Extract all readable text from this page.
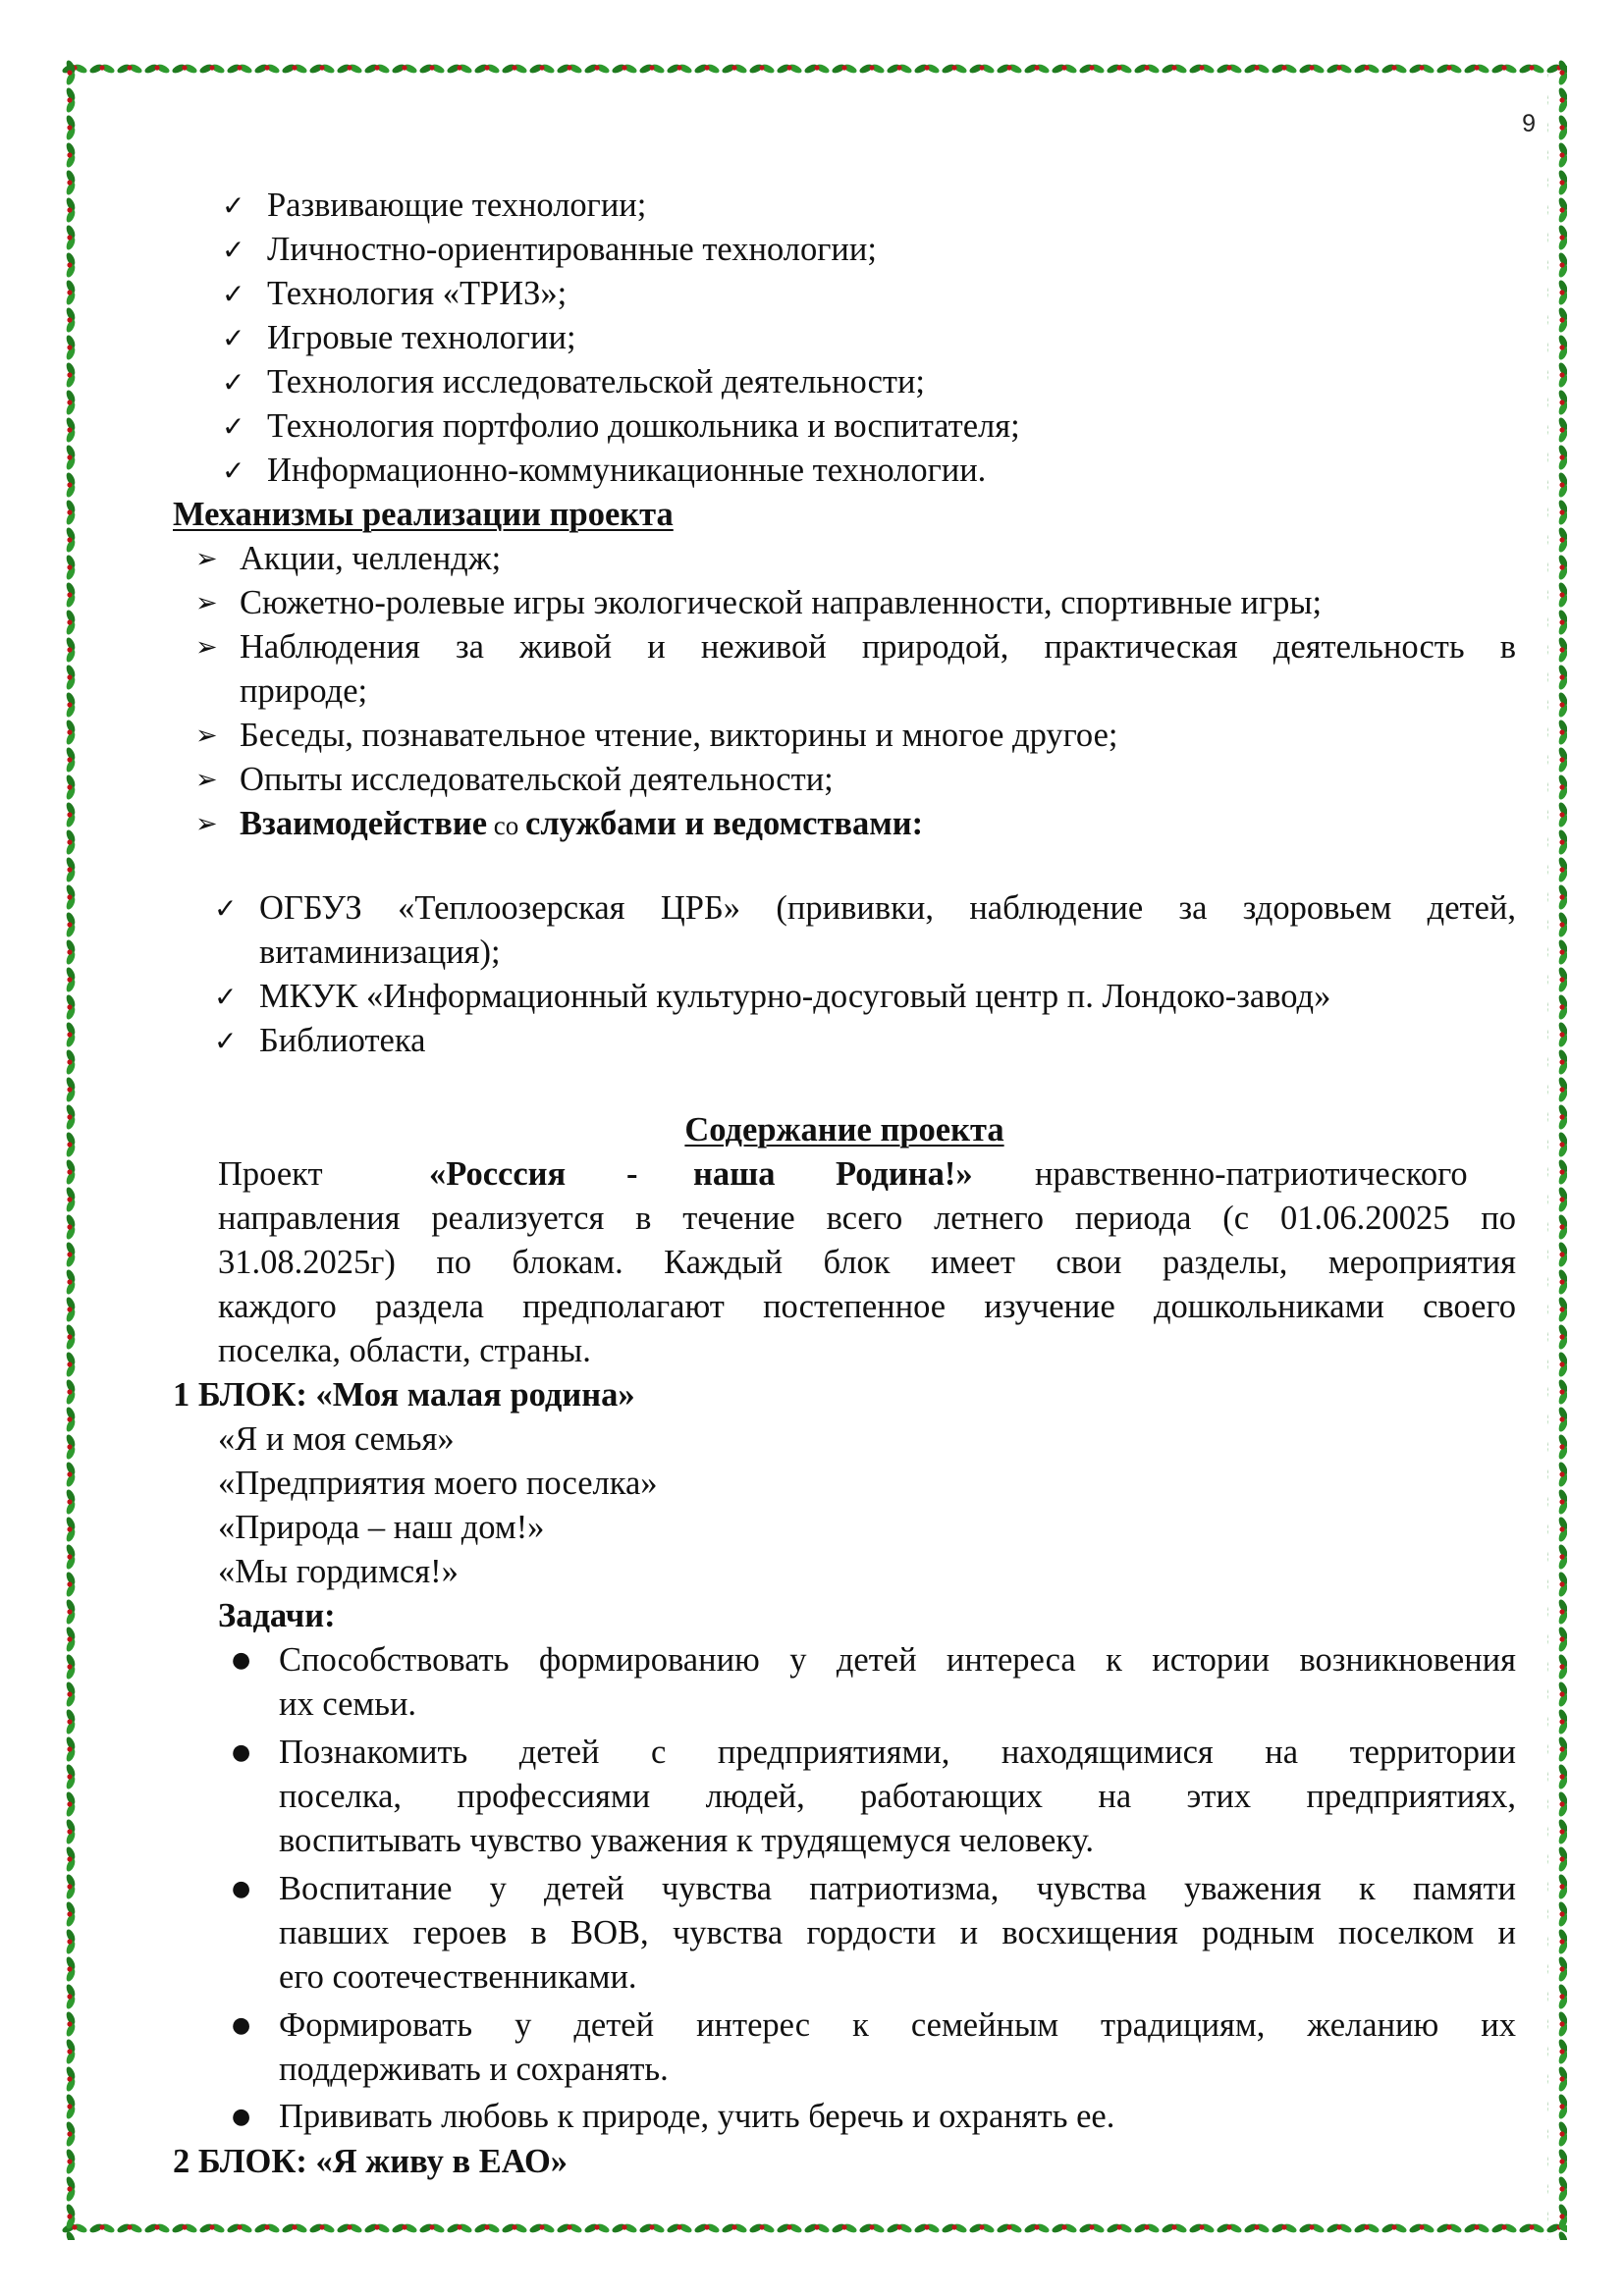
9
✓ Развивающие технологии;
✓ Личностно-ориентированные технологии;
✓ Технология «ТРИЗ»;
✓ Игровые технологии;
✓ Технология исследовательской деятельности;
✓ Технология портфолио дошкольника и воспитателя;
✓ Информационно-коммуникационные технологии.
Механизмы реализации проекта
➢ Акции, челлендж;
➢ Сюжетно-ролевые игры экологической направленности, спортивные игры;
➢ Наблюдения за живой и неживой природой, практическая деятельность в
природе;
➢ Беседы, познавательное чтение, викторины и многое другое;
➢ Опыты исследовательской деятельности;
➢ Взаимодействие со службами и ведомствами:
✓ ОГБУЗ «Теплоозерская ЦРБ» (прививки, наблюдение за здоровьем детей,
витаминизация);
✓ МКУК «Информационный культурно-досуговый центр п. Лондоко-завод»
✓ Библиотека
Содержание проекта
Проект	«Росссия - наша Родина!» нравственно-патриотического
направления реализуется в течение всего летнего периода (с 01.06.20025 по
31.08.2025г) по блокам. Каждый блок имеет свои разделы, мероприятия
каждого раздела предполагают постепенное изучение дошкольниками своего
поселка, области, страны.
1 БЛОК: «Моя малая родина»
«Я и моя семья»
«Предприятия моего поселка»
«Природа – наш дом!»
«Мы гордимся!»
Задачи:
● Способствовать формированию у детей интереса к истории возникновения
их семьи.
● Познакомить детей с предприятиями, находящимися на территории
поселка, профессиями людей, работающих на этих предприятиях,
воспитывать чувство уважения к трудящемуся человеку.
● Воспитание у детей чувства патриотизма, чувства уважения к памяти
павших героев в ВОВ, чувства гордости и восхищения родным поселком и
его соотечественниками.
● Формировать у детей интерес к семейным традициям, желанию их
поддерживать и сохранять.
● Прививать любовь к природе, учить беречь и охранять ее.
2 БЛОК: «Я живу в ЕАО»
